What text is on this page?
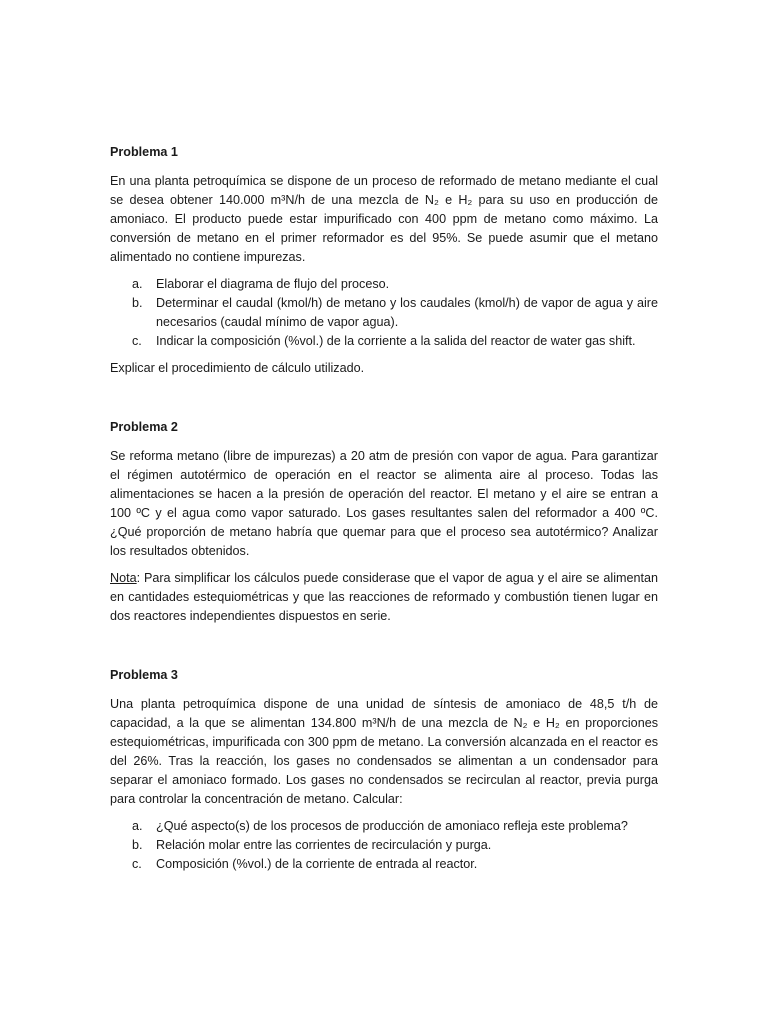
Problema 1

En una planta petroquímica se dispone de un proceso de reformado de metano mediante el cual se desea obtener 140.000 m³N/h de una mezcla de N₂ e H₂ para su uso en producción de amoniaco. El producto puede estar impurificado con 400 ppm de metano como máximo. La conversión de metano en el primer reformador es del 95%. Se puede asumir que el metano alimentado no contiene impurezas.

a. Elaborar el diagrama de flujo del proceso.
b. Determinar el caudal (kmol/h) de metano y los caudales (kmol/h) de vapor de agua y aire necesarios (caudal mínimo de vapor agua).
c. Indicar la composición (%vol.) de la corriente a la salida del reactor de water gas shift.

Explicar el procedimiento de cálculo utilizado.

Problema 2

Se reforma metano (libre de impurezas) a 20 atm de presión con vapor de agua. Para garantizar el régimen autotérmico de operación en el reactor se alimenta aire al proceso. Todas las alimentaciones se hacen a la presión de operación del reactor. El metano y el aire se entran a 100 ºC y el agua como vapor saturado. Los gases resultantes salen del reformador a 400 ºC. ¿Qué proporción de metano habría que quemar para que el proceso sea autotérmico? Analizar los resultados obtenidos.

Nota: Para simplificar los cálculos puede considerase que el vapor de agua y el aire se alimentan en cantidades estequiométricas y que las reacciones de reformado y combustión tienen lugar en dos reactores independientes dispuestos en serie.

Problema 3

Una planta petroquímica dispone de una unidad de síntesis de amoniaco de 48,5 t/h de capacidad, a la que se alimentan 134.800 m³N/h de una mezcla de N₂ e H₂ en proporciones estequiométricas, impurificada con 300 ppm de metano. La conversión alcanzada en el reactor es del 26%. Tras la reacción, los gases no condensados se alimentan a un condensador para separar el amoniaco formado. Los gases no condensados se recirculan al reactor, previa purga para controlar la concentración de metano. Calcular:

a. ¿Qué aspecto(s) de los procesos de producción de amoniaco refleja este problema?
b. Relación molar entre las corrientes de recirculación y purga.
c. Composición (%vol.) de la corriente de entrada al reactor.
